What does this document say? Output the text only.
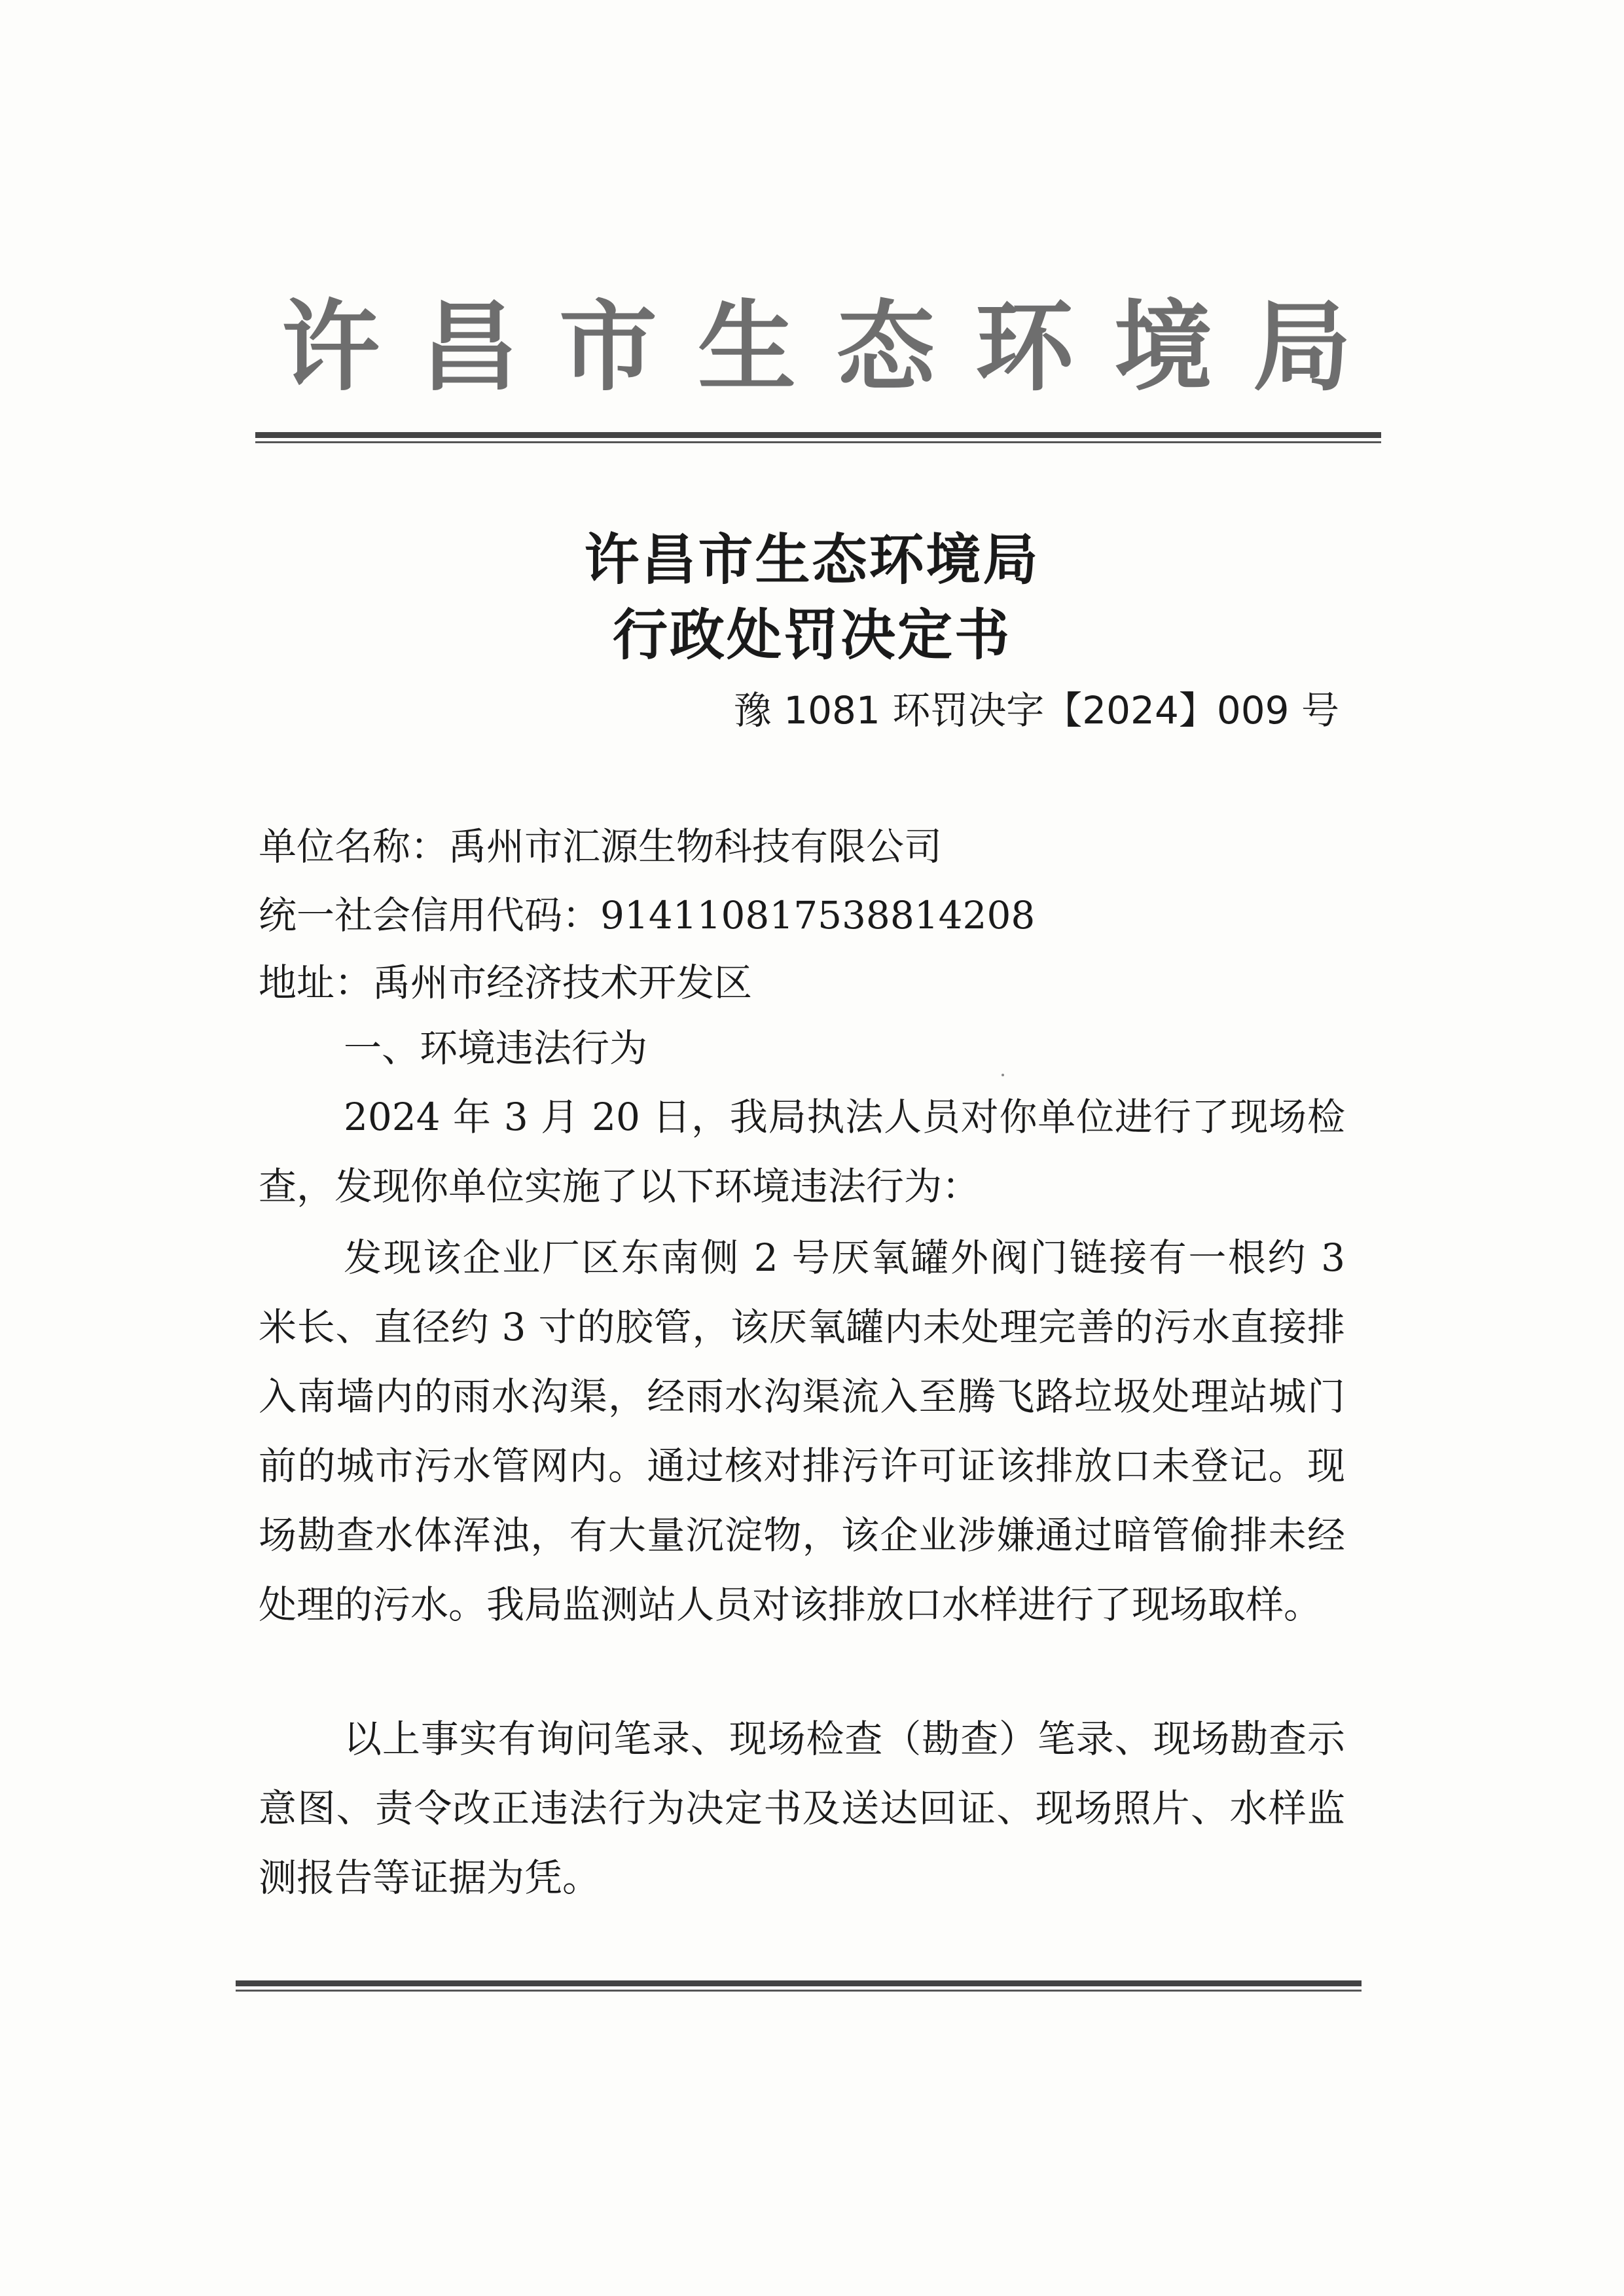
许昌市生态环境局
许昌市生态环境局
行政处罚决定书
豫 1081 环罚决字【2024】009 号
单位名称：禹州市汇源生物科技有限公司
统一社会信用代码：914110817538814208
地址：禹州市经济技术开发区
一、环境违法行为
2024 年 3 月 20 日，我局执法人员对你单位进行了现场检查，发现你单位实施了以下环境违法行为：
发现该企业厂区东南侧 2 号厌氧罐外阀门链接有一根约 3 米长、直径约 3 寸的胶管，该厌氧罐内未处理完善的污水直接排入南墙内的雨水沟渠，经雨水沟渠流入至腾飞路垃圾处理站城门前的城市污水管网内。通过核对排污许可证该排放口未登记。现场勘查水体浑浊，有大量沉淀物，该企业涉嫌通过暗管偷排未经处理的污水。我局监测站人员对该排放口水样进行了现场取样。
以上事实有询问笔录、现场检查（勘查）笔录、现场勘查示意图、责令改正违法行为决定书及送达回证、现场照片、水样监测报告等证据为凭。
